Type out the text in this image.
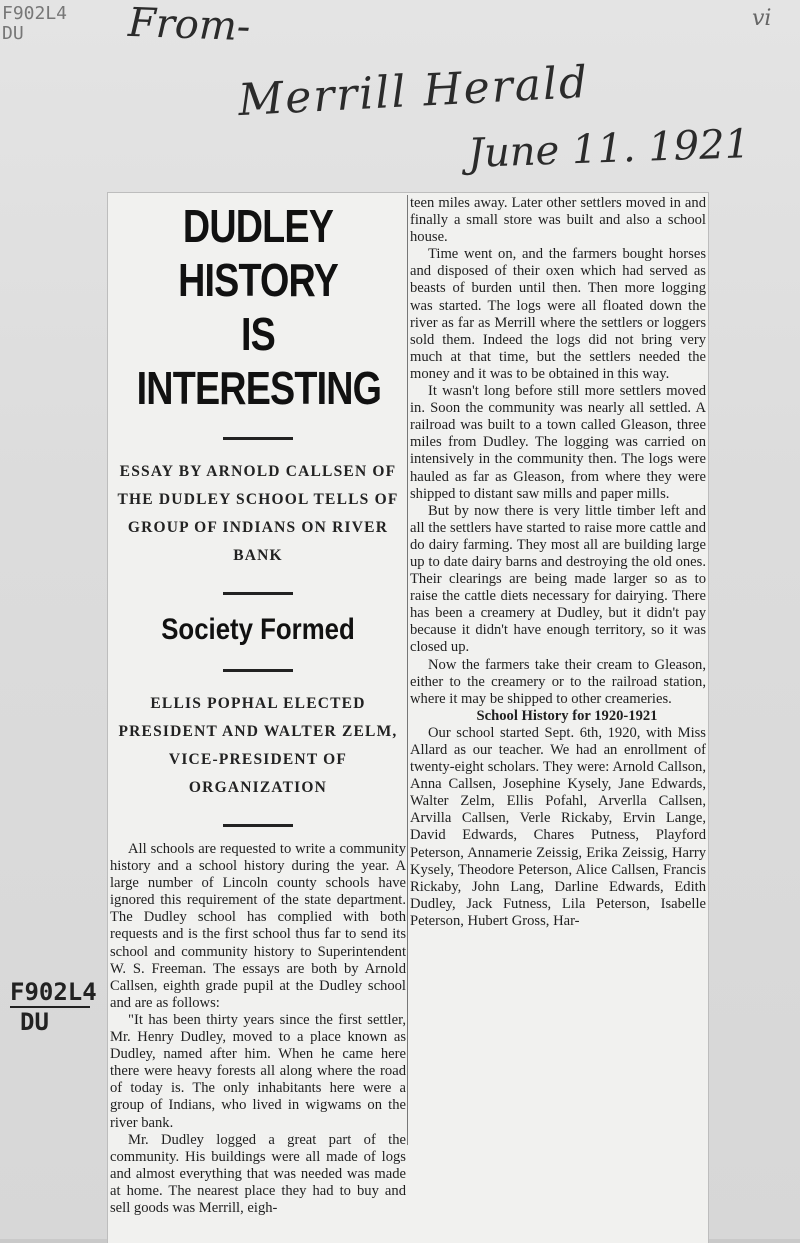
F902L4
DU
vi
From-
Merrill Herald
June 11. 1921
DUDLEY HISTORY
IS INTERESTING

ESSAY BY ARNOLD CALLSEN OF THE DUDLEY SCHOOL TELLS OF GROUP OF INDIANS ON RIVER BANK

Society Formed

ELLIS POPHAL ELECTED PRESIDENT AND WALTER ZELM, VICE-PRESIDENT OF ORGANIZATION

All schools are requested to write a community history and a school history during the year. A large number of Lincoln county schools have ignored this requirement of the state department. The Dudley school has complied with both requests and is the first school thus far to send its school and community history to Superintendent W. S. Freeman. The essays are both by Arnold Callsen, eighth grade pupil at the Dudley school and are as follows:

"It has been thirty years since the first settler, Mr. Henry Dudley, moved to a place known as Dudley, named after him. When he came here there were heavy forests all along where the road of today is. The only inhabitants here were a group of Indians, who lived in wigwams on the river bank.

Mr. Dudley logged a great part of the community. His buildings were all made of logs and almost everything that was needed was made at home. The nearest place they had to buy and sell goods was Merrill, eigh-

teen miles away. Later other settlers moved in and finally a small store was built and also a school house.

Time went on, and the farmers bought horses and disposed of their oxen which had served as beasts of burden until then. Then more logging was started. The logs were all floated down the river as far as Merrill where the settlers or loggers sold them. Indeed the logs did not bring very much at that time, but the settlers needed the money and it was to be obtained in this way.

It wasn't long before still more settlers moved in. Soon the community was nearly all settled. A railroad was built to a town called Gleason, three miles from Dudley. The logging was carried on intensively in the community then. The logs were hauled as far as Gleason, from where they were shipped to distant saw mills and paper mills.

But by now there is very little timber left and all the settlers have started to raise more cattle and do dairy farming. They most all are building large up to date dairy barns and destroying the old ones. Their clearings are being made larger so as to raise the cattle diets necessary for dairying. There has been a creamery at Dudley, but it didn't pay because it didn't have enough territory, so it was closed up.

Now the farmers take their cream to Gleason, either to the creamery or to the railroad station, where it may be shipped to other creameries.

School History for 1920-1921

Our school started Sept. 6th, 1920, with Miss Allard as our teacher. We had an enrollment of twenty-eight scholars. They were: Arnold Callson, Anna Callsen, Josephine Kysely, Jane Edwards, Walter Zelm, Ellis Pofahl, Arverlla Callsen, Arvilla Callsen, Verle Rickaby, Ervin Lange, David Edwards, Chares Putness, Playford Peterson, Annamerie Zeissig, Erika Zeissig, Harry Kysely, Theodore Peterson, Alice Callsen, Francis Rickaby, John Lang, Darline Edwards, Edith Dudley, Jack Futness, Lila Peterson, Isabelle Peterson, Hubert Gross, Har-

F902L4
DU
